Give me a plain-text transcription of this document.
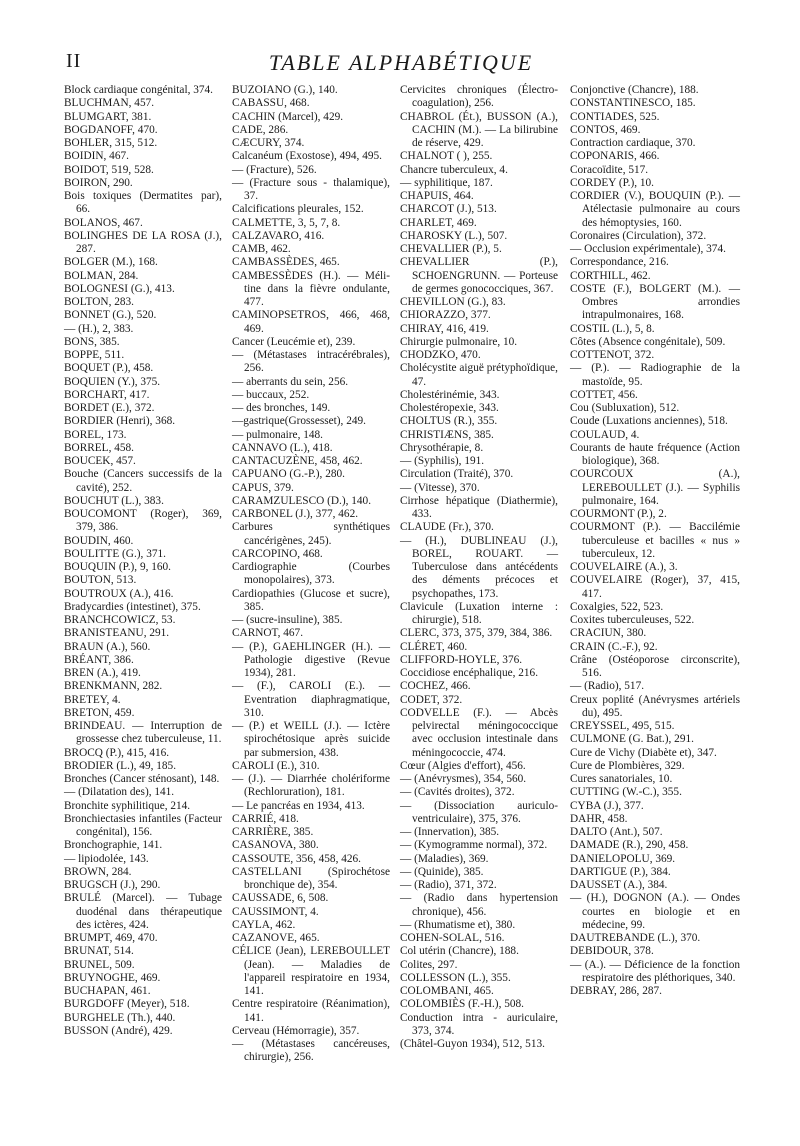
II	TABLE ALPHABÉTIQUE

Block cardiaque congénital, 374.

BLUCHMAN, 457.

BLUMGART, 381.

BOGDANOFF, 470.

BOHLER, 315, 512.

BOIDIN, 467.

BOIDOT, 519, 528.

BOIRON, 290.

Bois toxiques (Dermatites par), 66.

BOLANOS, 467.

BOLINGHES DE LA ROSA (J.), 287.

BOLGER (M.), 168.

BOLMAN, 284.

BOLOGNESI (G.), 413.

BOLTON, 283.

BONNET (G.), 520.

— (H.), 2, 383.

BONS, 385.

BOPPE, 511.

BOQUET (P.), 458.

BOQUIEN (Y.), 375.

BORCHART, 417.

BORDET (E.), 372.

BORDIER (Henri), 368.

BOREL, 173.

BORREL, 458.

BOUCEK, 457.

Bouche (Cancers successifs de la cavité), 252.

BOUCHUT (L.), 383.

BOUCOMONT (Roger), 369, 379, 386.

BOUDIN, 460.

BOULITTE (G.), 371.

BOUQUIN (P.), 9, 160.

BOUTON, 513.

BOUTROUX (A.), 416.

Bradycardies (intestinet), 375.

BRANCHCOWICZ, 53.

BRANISTEANU, 291.

BRAUN (A.), 560.

BRÉANT, 386.

BREN (A.), 419.

BRENKMANN, 282.

BRETEY, 4.

BRETON, 459.

BRINDEAU. — Interruption de grossesse chez tuberculeuse, 11.

BROCQ (P.), 415, 416.

BRODIER (L.), 49, 185.

Bronches (Cancer sténosant), 148.

— (Dilatation des), 141.

Bronchite syphilitique, 214.

Bronchiectasies infantiles (Facteur congénital), 156.

Bronchographie, 141.

— lipiodolée, 143.

BROWN, 284.

BRUGSCH (J.), 290.

BRULÉ (Marcel). — Tubage duodénal dans thérapeutique des ictères, 424.

BRUMPT, 469, 470.

BRUNAT, 514.

BRUNEL, 509.

BRUYNOGHE, 469.

BUCHAPAN, 461.

BURGDOFF (Meyer), 518.

BURGHELE (Th.), 440.

BUSSON (André), 429.

BUZOIANO (G.), 140.

CABASSU, 468.

CACHIN (Marcel), 429.

CADE, 286.

CÆCURY, 374.

Calcanéum (Exostose), 494, 495.

— (Fracture), 526.

— (Fracture sous - thalamique), 37.

Calcifications pleurales, 152.

CALMETTE, 3, 5, 7, 8.

CALZAVARO, 416.

CAMB, 462.

CAMBASSÈDES, 465.

CAMBESSÈDES (H.). — Méli-tine dans la fièvre ondulante, 477.

CAMINOPSETROS, 466, 468, 469.

Cancer (Leucémie et), 239.

— (Métastases intracérébrales), 256.

— aberrants du sein, 256.

— buccaux, 252.

— des bronches, 149.

—gastrique(Grossesset), 249.

— pulmonaire, 148.

CANNAVO (L.), 418.

CANTACUZÈNE, 458, 462.

CAPUANO (G.-P.), 280.

CAPUS, 379.

CARAMZULESCO (D.), 140.

CARBONEL (J.), 377, 462.

Carbures synthétiques cancérigènes, 245).

CARCOPINO, 468.

Cardiographie (Courbes monopolaires), 373.

Cardiopathies (Glucose et sucre), 385.

— (sucre-insuline), 385.

CARNOT, 467.

— (P.), GAEHLINGER (H.). — Pathologie digestive (Revue 1934), 281.

— (F.), CAROLI (E.). — Eventration diaphragmatique, 310.

— (P.) et WEILL (J.). — Ictère spirochétosique après suicide par submersion, 438.

CAROLI (E.), 310.

— (J.). — Diarrhée cholériforme (Rechloruration), 181.

— Le pancréas en 1934, 413.

CARRIÉ, 418.

CARRIÈRE, 385.

CASANOVA, 380.

CASSOUTE, 356, 458, 426.

CASTELLANI (Spirochétose bronchique de), 354.

CAUSSADE, 6, 508.

CAUSSIMONT, 4.

CAYLA, 462.

CAZANOVE, 465.

CÉLICE (Jean), LEREBOULLET (Jean). — Maladies de l'appareil respiratoire en 1934, 141.

Centre respiratoire (Réanimation), 141.

Cerveau (Hémorragie), 357.

— (Métastases cancéreuses, chirurgie), 256.

Cervicites chroniques (Électro-coagulation), 256.

CHABROL (Ét.), BUSSON (A.), CACHIN (M.). — La bilirubine de réserve, 429.

CHALNOT ( ), 255.

Chancre tuberculeux, 4.

— syphilitique, 187.

CHAPUIS, 464.

CHARCOT (J.), 513.

CHARLET, 469.

CHAROSKY (L.), 507.

CHEVALLIER (P.), 5.

CHEVALLIER (P.), SCHOENGRUNN. — Porteuse de germes gonococciques, 367.

CHEVILLON (G.), 83.

CHIORAZZO, 377.

CHIRAY, 416, 419.

Chirurgie pulmonaire, 10.

CHODZKO, 470.

Cholécystite aiguë prétyphoïdique, 47.

Cholestérinémie, 343.

Cholestéropexie, 343.

CHOLTUS (R.), 355.

CHRISTIÆNS, 385.

Chrysothérapie, 8.

— (Syphilis), 191.

Circulation (Traité), 370.

— (Vitesse), 370.

Cirrhose hépatique (Diathermie), 433.

CLAUDE (Fr.), 370.

— (H.), DUBLINEAU (J.), BOREL, ROUART. — Tuberculose dans antécédents des déments précoces et psychopathes, 173.

Clavicule (Luxation interne : chirurgie), 518.

CLERC, 373, 375, 379, 384, 386.

CLÉRET, 460.

CLIFFORD-HOYLE, 376.

Coccidiose encéphalique, 216.

COCHEZ, 466.

CODET, 372.

CODVELLE (F.). — Abcès pelvirectal méningococcique avec occlusion intestinale dans méningococcie, 474.

Cœur (Algies d'effort), 456.

— (Anévrysmes), 354, 560.

— (Cavités droites), 372.

— (Dissociation auriculo-ventriculaire), 375, 376.

— (Innervation), 385.

— (Kymogramme normal), 372.

— (Maladies), 369.

— (Quinide), 385.

— (Radio), 371, 372.

— (Radio dans hypertension chronique), 456.

— (Rhumatisme et), 380.

COHEN-SOLAL, 516.

Col utérin (Chancre), 188.

Colites, 297.

COLLESSON (L.), 355.

COLOMBANI, 465.

COLOMBIÈS (F.-H.), 508.

Conduction intra - auriculaire, 373, 374.

(Châtel-Guyon 1934), 512, 513.

Conjonctive (Chancre), 188.

CONSTANTINESCO, 185.

CONTIADES, 525.

CONTOS, 469.

Contraction cardiaque, 370.

COPONARIS, 466.

Coracoïdite, 517.

CORDEY (P.), 10.

CORDIER (V.), BOUQUIN (P.). — Atélectasie pulmonaire au cours des hémoptysies, 160.

Coronaires (Circulation), 372.

— Occlusion expérimentale), 374.

Correspondance, 216.

CORTHILL, 462.

COSTE (F.), BOLGERT (M.). — Ombres arrondies intrapulmonaires, 168.

COSTIL (L.), 5, 8.

Côtes (Absence congénitale), 509.

COTTENOT, 372.

— (P.). — Radiographie de la mastoïde, 95.

COTTET, 456.

Cou (Subluxation), 512.

Coude (Luxations anciennes), 518.

COULAUD, 4.

Courants de haute fréquence (Action biologique), 368.

COURCOUX (A.), LEREBOULLET (J.). — Syphilis pulmonaire, 164.

COURMONT (P.), 2.

COURMONT (P.). — Baccilémie tuberculeuse et bacilles « nus » tuberculeux, 12.

COUVELAIRE (A.), 3.

COUVELAIRE (Roger), 37, 415, 417.

Coxalgies, 522, 523.

Coxites tuberculeuses, 522.

CRACIUN, 380.

CRAIN (C.-F.), 92.

Crâne (Ostéoporose circonscrite), 516.

— (Radio), 517.

Creux poplité (Anévrysmes artériels du), 495.

CREYSSEL, 495, 515.

CULMONE (G. Bat.), 291.

Cure de Vichy (Diabète et), 347.

Cure de Plombières, 329.

Cures sanatoriales, 10.

CUTTING (W.-C.), 355.

CYBA (J.), 377.

DAHR, 458.

DALTO (Ant.), 507.

DAMADE (R.), 290, 458.

DANIELOPOLU, 369.

DARTIGUE (P.), 384.

DAUSSET (A.), 384.

— (H.), DOGNON (A.). — Ondes courtes en biologie et en médecine, 99.

DAUTREBANDE (L.), 370.

DEBIDOUR, 378.

— (A.). — Déficience de la fonction respiratoire des pléthoriques, 340.

DEBRAY, 286, 287.
